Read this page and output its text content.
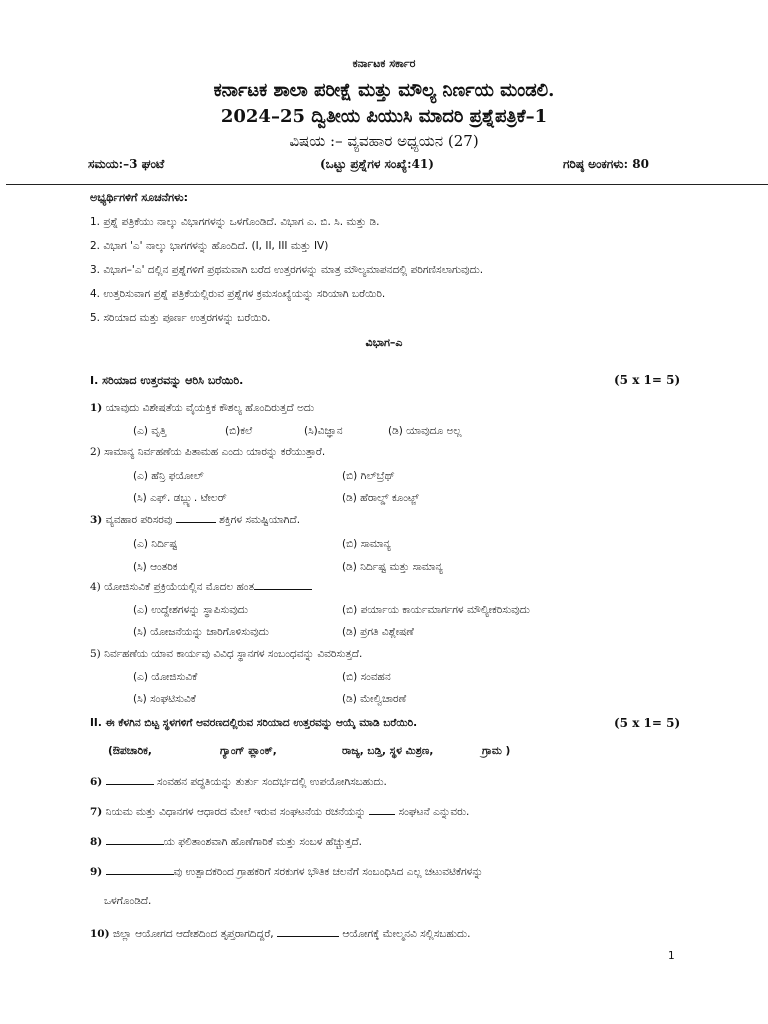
ಕರ್ನಾಟಕ ಸರ್ಕಾರ
ಕರ್ನಾಟಕ ಶಾಲಾ ಪರೀಕ್ಷೆ ಮತ್ತು ಮೌಲ್ಯ ನಿರ್ಣಯ ಮಂಡಲಿ.
2024–25 ದ್ವಿತೀಯ ಪಿಯುಸಿ ಮಾದರಿ ಪ್ರಶ್ನೆಪತ್ರಿಕೆ–1
ವಿಷಯ :– ವ್ಯವಹಾರ ಅಧ್ಯಯನ (27)
ಸಮಯ:–3 ಘಂಟೆ	(ಒಟ್ಟು ಪ್ರಶ್ನೆಗಳ ಸಂಖ್ಯೆ:41)	ಗರಿಷ್ಠ ಅಂಕಗಳು: 80
ಅಭ್ಯರ್ಥಿಗಳಿಗೆ ಸೂಚನೆಗಳು:
1. ಪ್ರಶ್ನೆ ಪತ್ರಿಕೆಯು ನಾಲ್ಕು ವಿಭಾಗಗಳನ್ನು ಒಳಗೊಂಡಿದೆ. ವಿಭಾಗ ಎ. ಬಿ. ಸಿ. ಮತ್ತು ಡಿ.
2. ವಿಭಾಗ 'ಎ' ನಾಲ್ಕು ಭಾಗಗಳನ್ನು ಹೊಂದಿದೆ. (I, II, III ಮತ್ತು IV)
3. ವಿಭಾಗ–'ಎ' ದಲ್ಲಿನ ಪ್ರಶ್ನೆಗಳಿಗೆ ಪ್ರಥಮವಾಗಿ ಬರೆದ ಉತ್ತರಗಳನ್ನು ಮಾತ್ರ ಮೌಲ್ಯಮಾಪನದಲ್ಲಿ ಪರಿಗಣಿಸಲಾಗುವುದು.
4. ಉತ್ತರಿಸುವಾಗ ಪ್ರಶ್ನೆ ಪತ್ರಿಕೆಯಲ್ಲಿರುವ ಪ್ರಶ್ನೆಗಳ ಕ್ರಮಸಂಖ್ಯೆಯನ್ನು ಸರಿಯಾಗಿ ಬರೆಯಿರಿ.
5. ಸರಿಯಾದ ಮತ್ತು ಪೂರ್ಣ ಉತ್ತರಗಳನ್ನು ಬರೆಯಿರಿ.
ವಿಭಾಗ–ಎ
I. ಸರಿಯಾದ ಉತ್ತರವನ್ನು ಆರಿಸಿ ಬರೆಯಿರಿ.	(5 x 1= 5)
1) ಯಾವುದು ವಿಶೇಷತೆಯ ವೈಯಕ್ತಿಕ ಕೌಶಲ್ಯ ಹೊಂದಿರುತ್ತದೆ ಅದು
(ಎ) ವೃತ್ತಿ	(ಬಿ)ಕಲೆ	(ಸಿ)ವಿಜ್ಞಾನ	(ಡಿ) ಯಾವುದೂ ಅಲ್ಲ
2) ಸಾಮಾನ್ಯ ನಿರ್ವಹಣೆಯ ಪಿತಾಮಹ ಎಂದು ಯಾರನ್ನು ಕರೆಯುತ್ತಾರೆ.
(ಎ) ಹೆನ್ರಿ ಫಯೋಲ್	(ಬಿ) ಗಿಲ್‌ಬ್ರೆಥ್
(ಸಿ) ಎಫ್. ಡಬ್ಲ್ಯು. ಟೇಲರ್	(ಡಿ) ಹೆರಾಲ್ಡ್ ಕೂಂಟ್ಜ್
3) ವ್ಯವಹಾರ ಪರಿಸರವು	ಶಕ್ತಿಗಳ ಸಮಷ್ಟಿಯಾಗಿದೆ.
(ಎ) ನಿರ್ದಿಷ್ಟ	(ಬಿ) ಸಾಮಾನ್ಯ
(ಸಿ) ಆಂತರಿಕ	(ಡಿ) ನಿರ್ದಿಷ್ಟ ಮತ್ತು ಸಾಮಾನ್ಯ
4) ಯೋಜಿಸುವಿಕೆ ಪ್ರಕ್ರಿಯೆಯಲ್ಲಿನ ಮೊದಲ ಹಂತ
(ಎ) ಉದ್ದೇಶಗಳನ್ನು ಸ್ಥಾಪಿಸುವುದು	(ಬಿ) ಪರ್ಯಾಯ ಕಾರ್ಯಮಾರ್ಗಗಳ ಮೌಲ್ಯೀಕರಿಸುವುದು
(ಸಿ) ಯೋಜನೆಯನ್ನು ಜಾರಿಗೊಳಿಸುವುದು	(ಡಿ) ಪ್ರಗತಿ ವಿಶ್ಲೇಷಣೆ
5) ನಿರ್ವಹಣೆಯ ಯಾವ ಕಾರ್ಯವು ವಿವಿಧ ಸ್ಥಾನಗಳ ಸಂಬಂಧವನ್ನು ವಿವರಿಸುತ್ತದೆ.
(ಎ) ಯೋಜಿಸುವಿಕೆ	(ಬಿ) ಸಂವಹನ
(ಸಿ) ಸಂಘಟಿಸುವಿಕೆ	(ಡಿ) ಮೇಲ್ವಿಚಾರಣೆ
II. ಈ ಕೆಳಗಿನ ಬಿಟ್ಟ ಸ್ಥಳಗಳಿಗೆ ಆವರಣದಲ್ಲಿರುವ ಸರಿಯಾದ ಉತ್ತರವನ್ನು ಆಯ್ಕೆ ಮಾಡಿ ಬರೆಯಿರಿ.	(5 x 1= 5)
(ಔಪಚಾರಿಕ,	ಗ್ಯಾಂಗ್ ಪ್ಲಾಂಕ್,	ರಾಜ್ಯ, ಬಡ್ತಿ, ಸ್ಥಳ ಮಿಶ್ರಣ,	ಗ್ರಾಮ )
6)	ಸಂವಹನ ಪದ್ಧತಿಯನ್ನು ತುರ್ತು ಸಂದರ್ಭದಲ್ಲಿ ಉಪಯೋಗಿಸಬಹುದು.
7) ನಿಯಮ ಮತ್ತು ವಿಧಾನಗಳ ಆಧಾರದ ಮೇಲೆ ಇರುವ ಸಂಘಟನೆಯ ರಚನೆಯನ್ನು	ಸಂಘಟನೆ ಎನ್ನುವರು.
8)	ಯ ಫಲಿತಾಂಶವಾಗಿ ಹೊಣೆಗಾರಿಕೆ ಮತ್ತು ಸಂಬಳ ಹೆಚ್ಚುತ್ತದೆ.
9)	ವು ಉತ್ಪಾದಕರಿಂದ ಗ್ರಾಹಕರಿಗೆ ಸರಕುಗಳ ಭೌತಿಕ ಚಲನೆಗೆ ಸಂಬಂಧಿಸಿದ ಎಲ್ಲ ಚಟುವಟಿಕೆಗಳನ್ನು
ಒಳಗೊಂಡಿದೆ.
10) ಜಿಲ್ಲಾ ಆಯೋಗದ ಆದೇಶದಿಂದ ತೃಪ್ತರಾಗದಿದ್ದರೆ,	ಆಯೋಗಕ್ಕೆ ಮೇಲ್ಮನವಿ ಸಲ್ಲಿಸಬಹುದು.
1
